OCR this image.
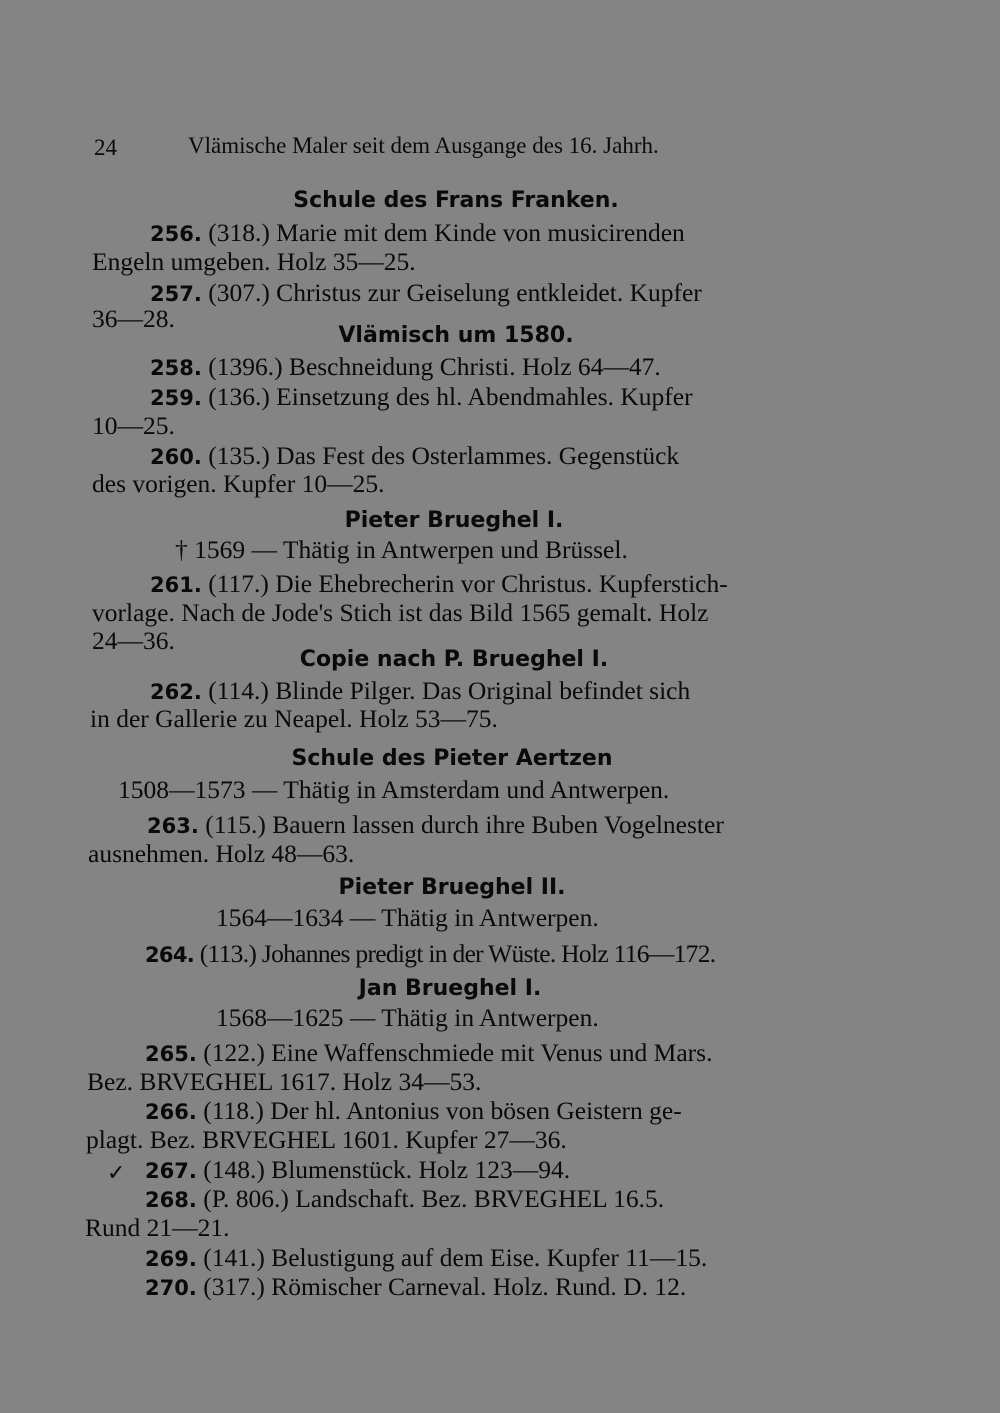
24	Vlämische Maler seit dem Ausgange des 16. Jahrh.
Schule des Frans Franken.
256. (318.) Marie mit dem Kinde von musicirenden
Engeln umgeben. Holz 35—25.
257. (307.) Christus zur Geiselung entkleidet. Kupfer
36—28.
Vlämisch um 1580.
258. (1396.) Beschneidung Christi. Holz 64—47.
259. (136.) Einsetzung des hl. Abendmahles. Kupfer
10—25.
260. (135.) Das Fest des Osterlammes. Gegenstück
des vorigen. Kupfer 10—25.
Pieter Brueghel I.
† 1569 — Thätig in Antwerpen und Brüssel.
261. (117.) Die Ehebrecherin vor Christus. Kupferstich-
vorlage. Nach de Jode's Stich ist das Bild 1565 gemalt. Holz
24—36.
Copie nach P. Brueghel I.
262. (114.) Blinde Pilger. Das Original befindet sich
in der Gallerie zu Neapel. Holz 53—75.
Schule des Pieter Aertzen
1508—1573 — Thätig in Amsterdam und Antwerpen.
263. (115.) Bauern lassen durch ihre Buben Vogelnester
ausnehmen. Holz 48—63.
Pieter Brueghel II.
1564—1634 — Thätig in Antwerpen.
264. (113.) Johannes predigt in der Wüste. Holz 116—172.
Jan Brueghel I.
1568—1625 — Thätig in Antwerpen.
265. (122.) Eine Waffenschmiede mit Venus und Mars.
Bez. BRVEGHEL 1617. Holz 34—53.
266. (118.) Der hl. Antonius von bösen Geistern ge-
plagt. Bez. BRVEGHEL 1601. Kupfer 27—36.
✓ 267. (148.) Blumenstück. Holz 123—94.
268. (P. 806.) Landschaft. Bez. BRVEGHEL 16.5.
Rund 21—21.
269. (141.) Belustigung auf dem Eise. Kupfer 11—15.
270. (317.) Römischer Carneval. Holz. Rund. D. 12.
